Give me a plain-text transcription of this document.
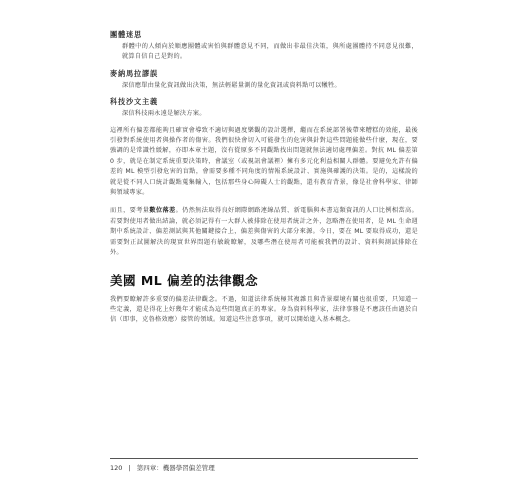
團體迷思

群體中的人傾向於順應團體或害怕與群體意見不同，而做出非最佳決策，與所處團體持不同意見很難，就算自信自己是對的。

麥納馬拉謬誤

深信應單由量化資訊做出決策，無法輕鬆量測的量化資訊或資料點可以犧牲。

科技沙文主義

深信科技兩永遠是解決方案。

這裡所有偏差都能夠且確實會導致不適切與過度樂觀的設計選擇，繼而在系統部署後帶來糟糕的效能，最後引發對系統使用者與操作者的傷害。我們很快會切入可能發生的危害與針對這些問題能做些什麼，現在，要強調的是常識性緩解，亦即本章主題，沒有從原多不同觀點找出問題就無法適切處理偏差。對抗 ML 偏差第 0 步，就是在制定系統重要決策時，會議室（或視訊會議裡）擁有多元化利益相關人群體。要避免允許有偏差的 ML 模型引發危害的盲點，會需要多種不同角度的情報系統設計、實施與確護的決策。是的，這樣說的就是從不同人口統計觀點蒐集輸入，包括那些身心障礙人士的觀點，還有教育背景，像是社會科學家、律師與領域專家。

而且，要考量數位落差。仍然無法取得良好網際網路連線品質、新電腦與本書這類資訊的人口比例相當高。若要對使用者做出結論，就必須記得有一大群人被排除在使用者統計之外，忽略潛在使用者，是 ML 生命週期中系統設計、偏差測試與其他關鍵接合上，偏差與傷害的大部分來源。今日，要在 ML 要取得成功，還是需要對正試圖解決的現實世界問題有敏銳瞭解，及哪些潛在使用者可能被我們的設計、資料與測試排除在外。

美國 ML 偏差的法律觀念

我們要瞭解許多重要的偏差法律觀念。不過，知道法律系統極其複雜且與背景環境有關也很重要，只知道一些定義，還是得花上好幾年才能成為這些問題真正的專家。身為資料科學家，法律事務是不應該任由過於自信（即事，克魯格效應）接管的領域。知道這些注意事項，就可以開始進入基本概念。

120 | 第四章：機器學習偏差管理
